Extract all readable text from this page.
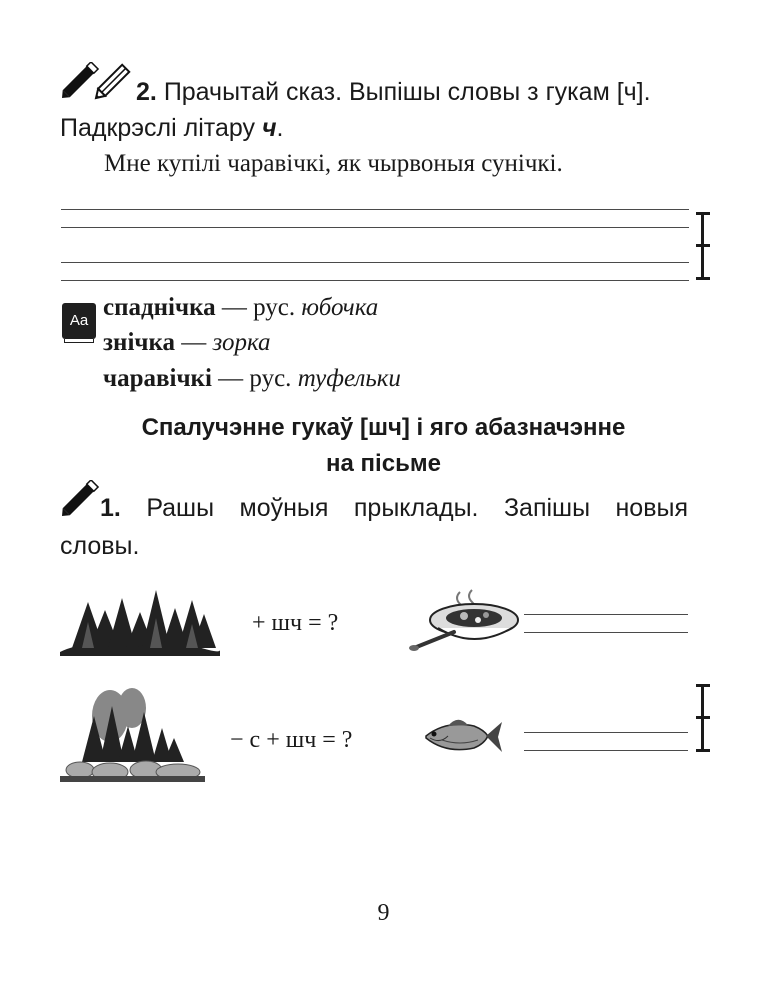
2. Прачытай сказ. Выпішы словы з гукам [ч].
Падкрэслі літару ч.
Мне купілі чаравічкі, як чырвоныя сунічкі.
Aa спаднічка — рус. юбочка
знічка — зорка
чаравічкі — рус. туфельки
Спалучэнне гукаў [шч] і яго абазначэнне
на пісьме
1. Рашы моўныя прыклады. Запішы новыя
словы.
+ шч = ?
− с + шч = ?
9
